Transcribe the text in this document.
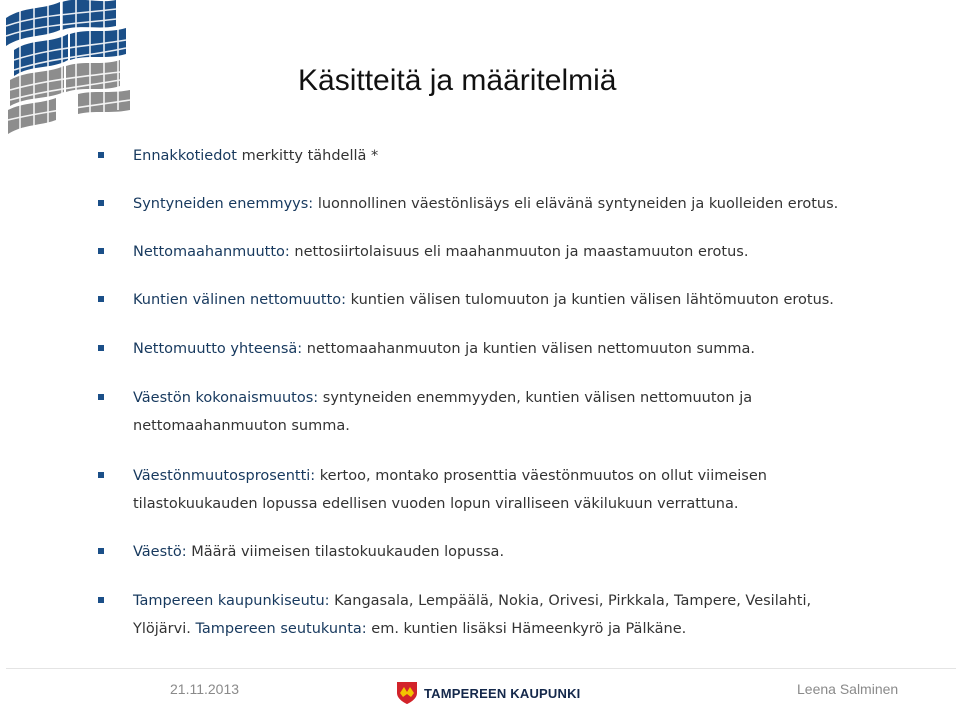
Käsitteitä ja määritelmiä
Ennakkotiedot merkitty tähdellä *
Syntyneiden enemmyys: luonnollinen väestönlisäys eli elävänä syntyneiden ja kuolleiden erotus.
Nettomaahanmuutto: nettosiirtolaisuus eli maahanmuuton ja maastamuuton erotus.
Kuntien välinen nettomuutto: kuntien välisen tulomuuton ja kuntien välisen lähtömuuton erotus.
Nettomuutto yhteensä: nettomaahanmuuton ja kuntien välisen nettomuuton summa.
Väestön kokonaismuutos: syntyneiden enemmyyden, kuntien välisen nettomuuton ja
nettomaahanmuuton summa.
Väestönmuutosprosentti: kertoo, montako prosenttia väestönmuutos on ollut viimeisen
tilastokuukauden lopussa edellisen vuoden lopun viralliseen väkilukuun verrattuna.
Väestö: Määrä viimeisen tilastokuukauden lopussa.
Tampereen kaupunkiseutu: Kangasala, Lempäälä, Nokia, Orivesi, Pirkkala, Tampere, Vesilahti,
Ylöjärvi. Tampereen seutukunta: em. kuntien lisäksi Hämeenkyrö ja Pälkäne.
21.11.2013	TAMPEREEN KAUPUNKI	Leena Salminen
